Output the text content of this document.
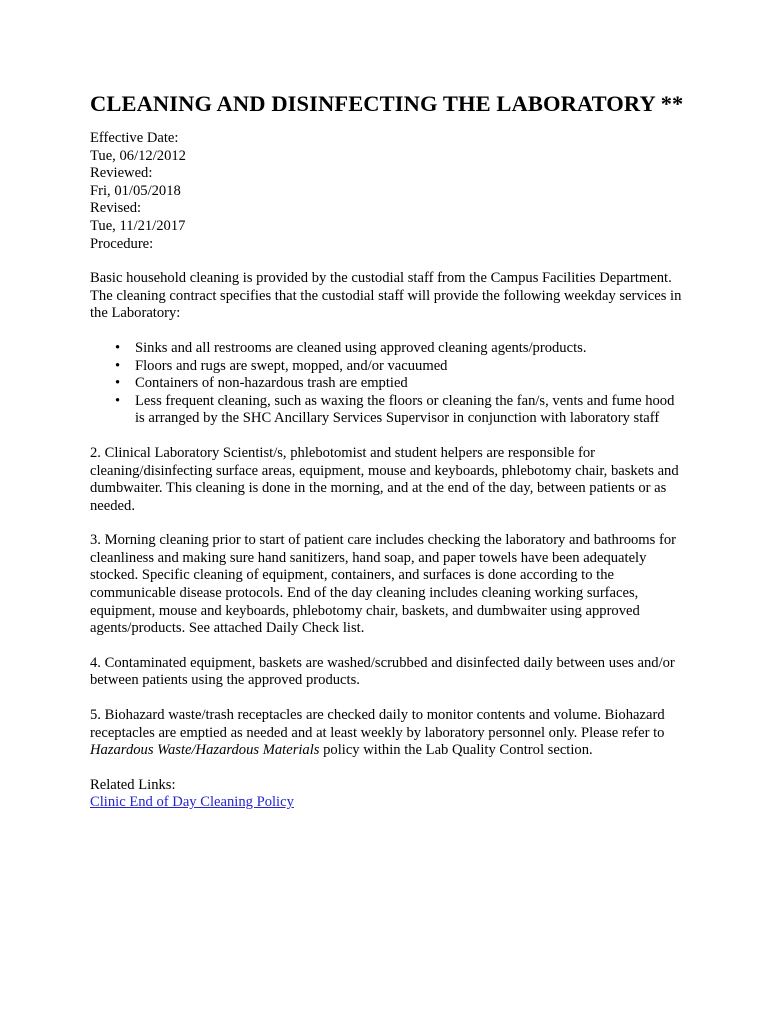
CLEANING AND DISINFECTING THE LABORATORY **
Effective Date:
Tue, 06/12/2012
Reviewed:
Fri, 01/05/2018
Revised:
Tue, 11/21/2017
Procedure:

Basic household cleaning is provided by the custodial staff from the Campus Facilities Department. The cleaning contract specifies that the custodial staff will provide the following weekday services in the Laboratory:

• Sinks and all restrooms are cleaned using approved cleaning agents/products.
• Floors and rugs are swept, mopped, and/or vacuumed
• Containers of non-hazardous trash are emptied
• Less frequent cleaning, such as waxing the floors or cleaning the fan/s, vents and fume hood is arranged by the SHC Ancillary Services Supervisor in conjunction with laboratory staff

2. Clinical Laboratory Scientist/s, phlebotomist and student helpers are responsible for cleaning/disinfecting surface areas, equipment, mouse and keyboards, phlebotomy chair, baskets and dumbwaiter. This cleaning is done in the morning, and at the end of the day, between patients or as needed.

3. Morning cleaning prior to start of patient care includes checking the laboratory and bathrooms for cleanliness and making sure hand sanitizers, hand soap, and paper towels have been adequately stocked. Specific cleaning of equipment, containers, and surfaces is done according to the communicable disease protocols. End of the day cleaning includes cleaning working surfaces, equipment, mouse and keyboards, phlebotomy chair, baskets, and dumbwaiter using approved agents/products. See attached Daily Check list.

4. Contaminated equipment, baskets are washed/scrubbed and disinfected daily between uses and/or between patients using the approved products.

5. Biohazard waste/trash receptacles are checked daily to monitor contents and volume. Biohazard receptacles are emptied as needed and at least weekly by laboratory personnel only. Please refer to Hazardous Waste/Hazardous Materials policy within the Lab Quality Control section.

Related Links:
Clinic End of Day Cleaning Policy
